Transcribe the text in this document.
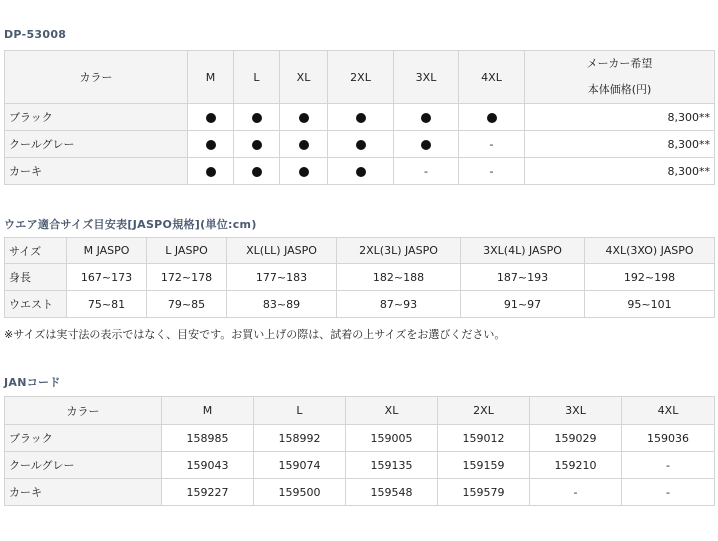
DP-53008
カラー	M	L	XL	2XL	3XL	4XL	メーカー希望
本体価格(円)

ブラック							8,300**
クールグレー						-	8,300**
カーキ					-	-	8,300**
ウエア適合サイズ目安表[JASPO規格](単位:cm)
サイズ	M JASPO	L JASPO	XL(LL) JASPO	2XL(3L) JASPO	3XL(4L) JASPO	4XL(3XO) JASPO
身長	167~173	172~178	177~183	182~188	187~193	192~198
ウエスト	75~81	79~85	83~89	87~93	91~97	95~101
※サイズは実寸法の表示ではなく、目安です。お買い上げの際は、試着の上サイズをお選びください。
JANコード
カラー	M	L	XL	2XL	3XL	4XL
ブラック	158985	158992	159005	159012	159029	159036
クールグレー	159043	159074	159135	159159	159210	-
カーキ	159227	159500	159548	159579	-	-
